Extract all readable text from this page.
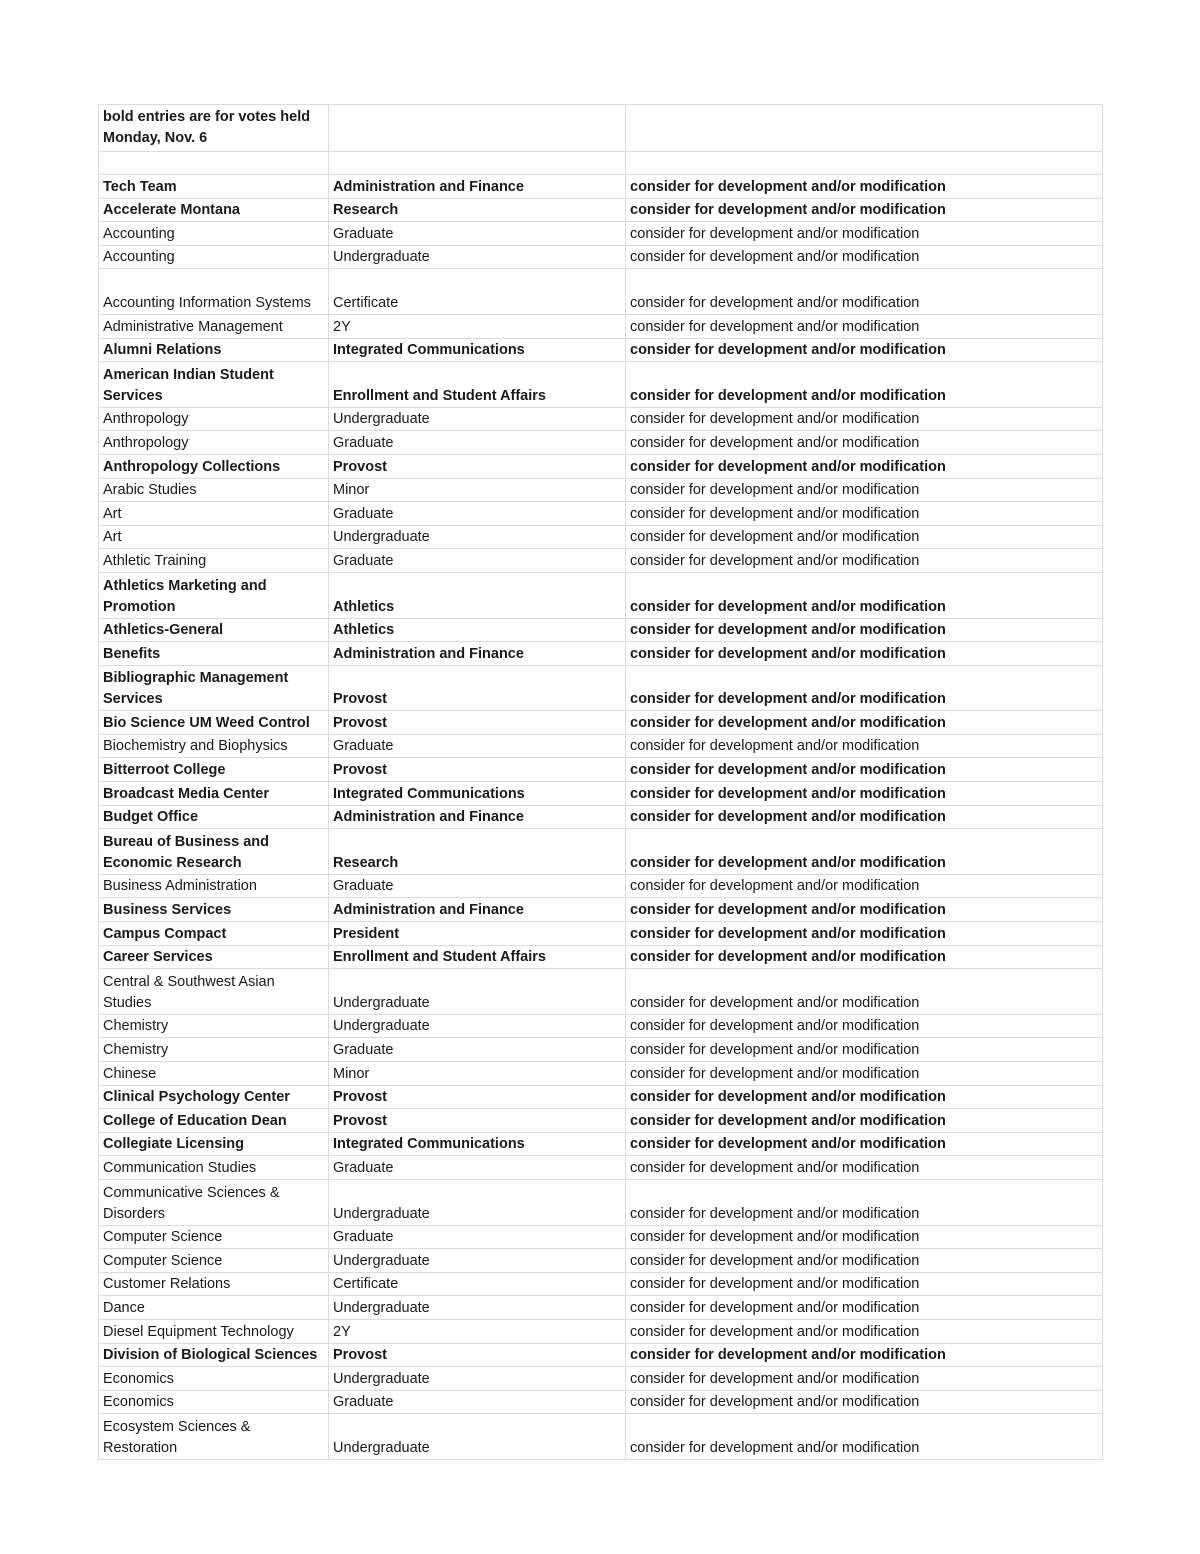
bold entries are for votes held Monday, Nov. 6		

Tech Team	Administration and Finance	consider for development and/or modification
Accelerate Montana	Research	consider for development and/or modification
Accounting	Graduate	consider for development and/or modification
Accounting	Undergraduate	consider for development and/or modification
Accounting Information Systems	Certificate	consider for development and/or modification
Administrative Management	2Y	consider for development and/or modification
Alumni Relations	Integrated Communications	consider for development and/or modification
American Indian Student Services	Enrollment and Student Affairs	consider for development and/or modification
Anthropology	Undergraduate	consider for development and/or modification
Anthropology	Graduate	consider for development and/or modification
Anthropology Collections	Provost	consider for development and/or modification
Arabic Studies	Minor	consider for development and/or modification
Art	Graduate	consider for development and/or modification
Art	Undergraduate	consider for development and/or modification
Athletic Training	Graduate	consider for development and/or modification
Athletics Marketing and Promotion	Athletics	consider for development and/or modification
Athletics-General	Athletics	consider for development and/or modification
Benefits	Administration and Finance	consider for development and/or modification
Bibliographic Management Services	Provost	consider for development and/or modification
Bio Science UM Weed Control	Provost	consider for development and/or modification
Biochemistry and Biophysics	Graduate	consider for development and/or modification
Bitterroot College	Provost	consider for development and/or modification
Broadcast Media Center	Integrated Communications	consider for development and/or modification
Budget Office	Administration and Finance	consider for development and/or modification
Bureau of Business and Economic Research	Research	consider for development and/or modification
Business Administration	Graduate	consider for development and/or modification
Business Services	Administration and Finance	consider for development and/or modification
Campus Compact	President	consider for development and/or modification
Career Services	Enrollment and Student Affairs	consider for development and/or modification
Central & Southwest Asian Studies	Undergraduate	consider for development and/or modification
Chemistry	Undergraduate	consider for development and/or modification
Chemistry	Graduate	consider for development and/or modification
Chinese	Minor	consider for development and/or modification
Clinical Psychology Center	Provost	consider for development and/or modification
College of Education Dean	Provost	consider for development and/or modification
Collegiate Licensing	Integrated Communications	consider for development and/or modification
Communication Studies	Graduate	consider for development and/or modification
Communicative Sciences & Disorders	Undergraduate	consider for development and/or modification
Computer Science	Graduate	consider for development and/or modification
Computer Science	Undergraduate	consider for development and/or modification
Customer Relations	Certificate	consider for development and/or modification
Dance	Undergraduate	consider for development and/or modification
Diesel Equipment Technology	2Y	consider for development and/or modification
Division of Biological Sciences	Provost	consider for development and/or modification
Economics	Undergraduate	consider for development and/or modification
Economics	Graduate	consider for development and/or modification
Ecosystem Sciences & Restoration	Undergraduate	consider for development and/or modification
